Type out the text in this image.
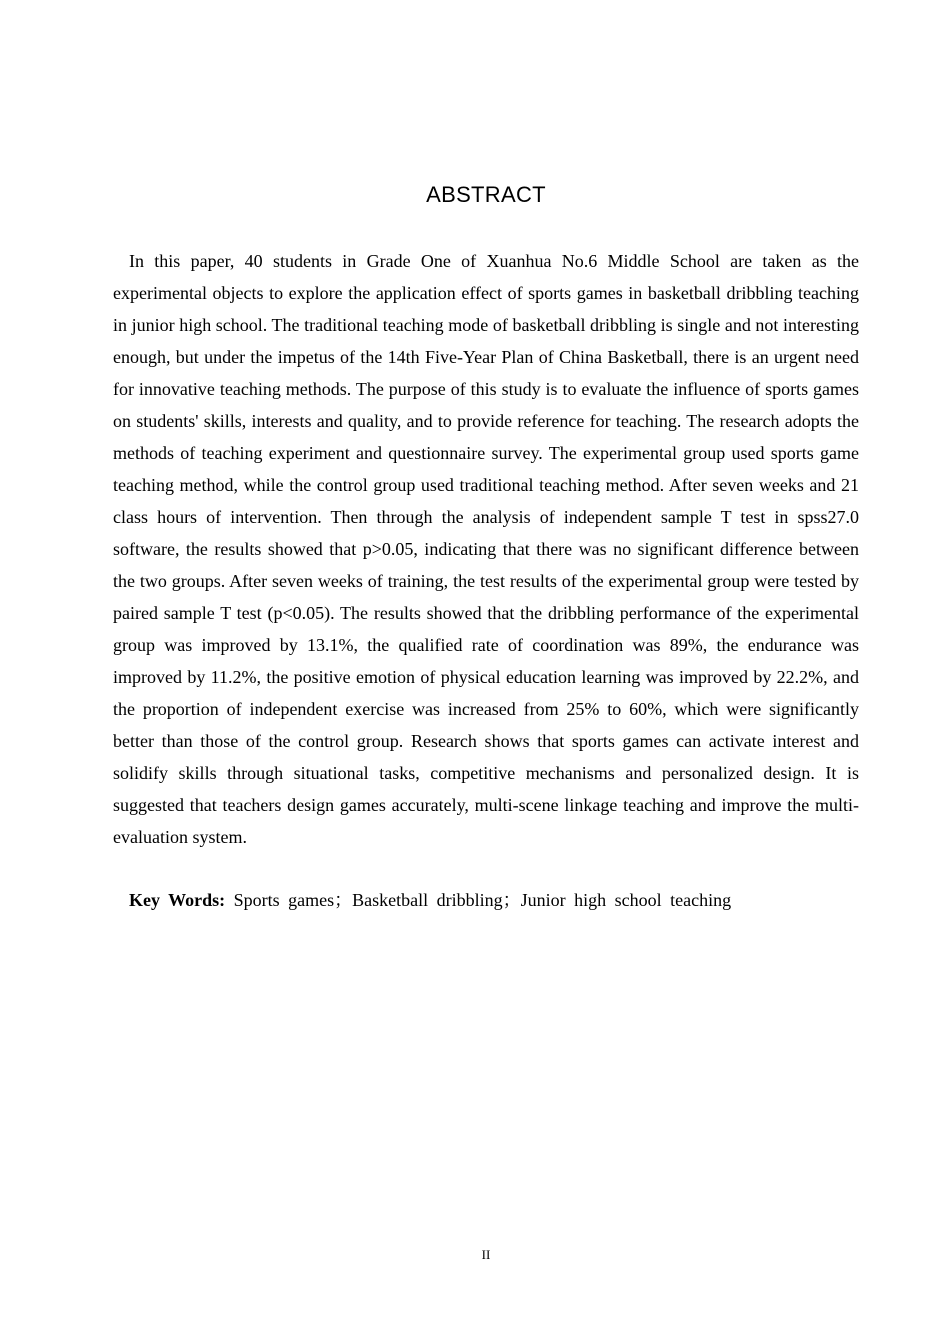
ABSTRACT

In this paper, 40 students in Grade One of Xuanhua No.6 Middle School are taken as the experimental objects to explore the application effect of sports games in basketball dribbling teaching in junior high school. The traditional teaching mode of basketball dribbling is single and not interesting enough, but under the impetus of the 14th Five-Year Plan of China Basketball, there is an urgent need for innovative teaching methods. The purpose of this study is to evaluate the influence of sports games on students' skills, interests and quality, and to provide reference for teaching. The research adopts the methods of teaching experiment and questionnaire survey. The experimental group used sports game teaching method, while the control group used traditional teaching method. After seven weeks and 21 class hours of intervention. Then through the analysis of independent sample T test in spss27.0 software, the results showed that p>0.05, indicating that there was no significant difference between the two groups. After seven weeks of training, the test results of the experimental group were tested by paired sample T test (p<0.05). The results showed that the dribbling performance of the experimental group was improved by 13.1%, the qualified rate of coordination was 89%, the endurance was improved by 11.2%, the positive emotion of physical education learning was improved by 22.2%, and the proportion of independent exercise was increased from 25% to 60%, which were significantly better than those of the control group. Research shows that sports games can activate interest and solidify skills through situational tasks, competitive mechanisms and personalized design. It is suggested that teachers design games accurately, multi-scene linkage teaching and improve the multi-evaluation system.

Key Words: Sports games；Basketball dribbling；Junior high school teaching
II
